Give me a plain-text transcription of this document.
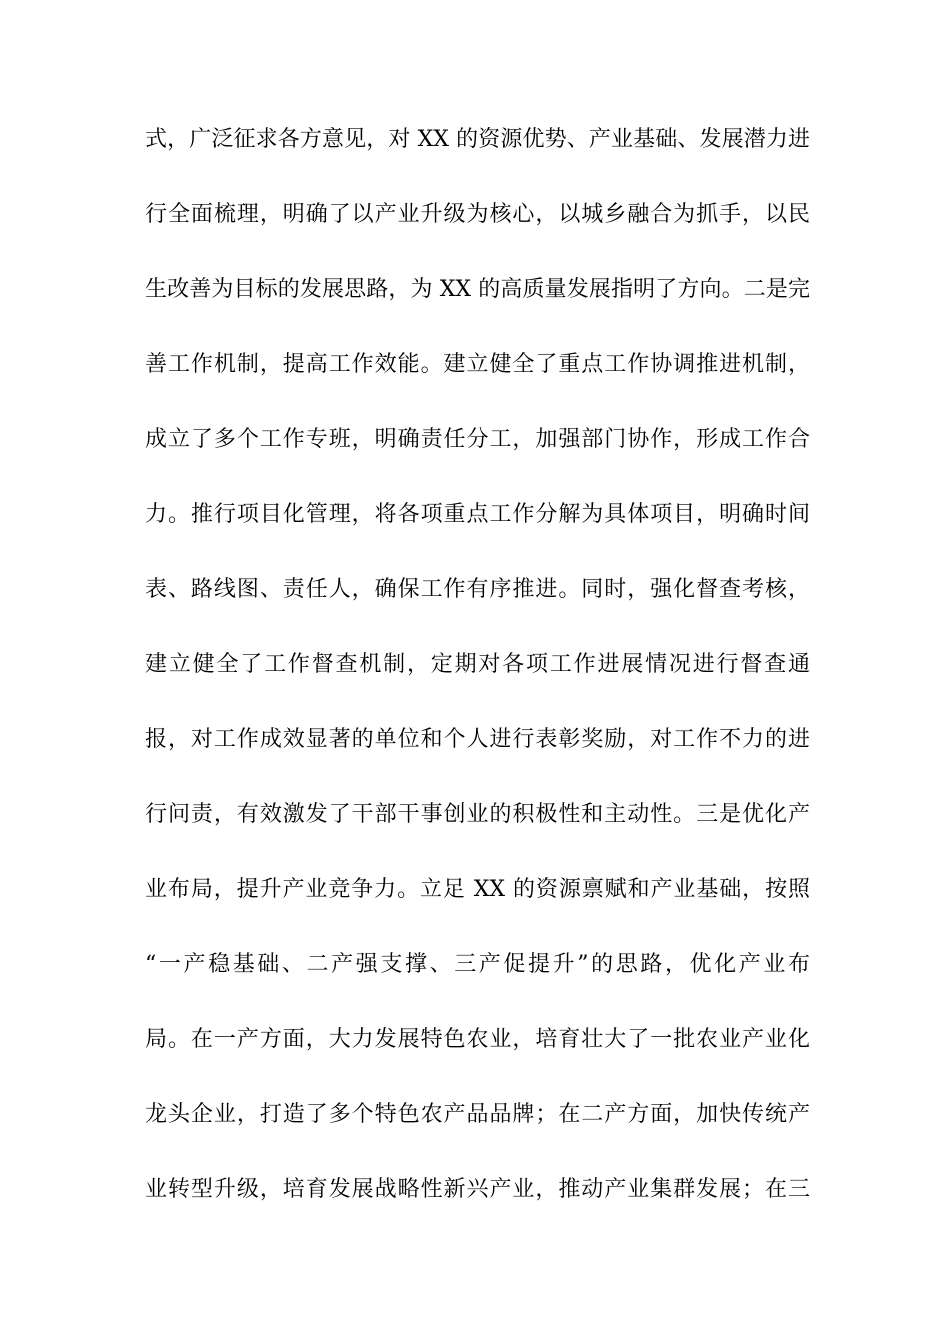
式，广泛征求各方意见，对 XX 的资源优势、产业基础、发展潜力进
行全面梳理，明确了以产业升级为核心，以城乡融合为抓手，以民
生改善为目标的发展思路，为 XX 的高质量发展指明了方向。二是完
善工作机制，提高工作效能。建立健全了重点工作协调推进机制，
成立了多个工作专班，明确责任分工，加强部门协作，形成工作合
力。推行项目化管理，将各项重点工作分解为具体项目，明确时间
表、路线图、责任人，确保工作有序推进。同时，强化督查考核，
建立健全了工作督查机制，定期对各项工作进展情况进行督查通
报，对工作成效显著的单位和个人进行表彰奖励，对工作不力的进
行问责，有效激发了干部干事创业的积极性和主动性。三是优化产
业布局，提升产业竞争力。立足 XX 的资源禀赋和产业基础，按照
“一产稳基础、二产强支撑、三产促提升”的思路，优化产业布
局。在一产方面，大力发展特色农业，培育壮大了一批农业产业化
龙头企业，打造了多个特色农产品品牌；在二产方面，加快传统产
业转型升级，培育发展战略性新兴产业，推动产业集群发展；在三
